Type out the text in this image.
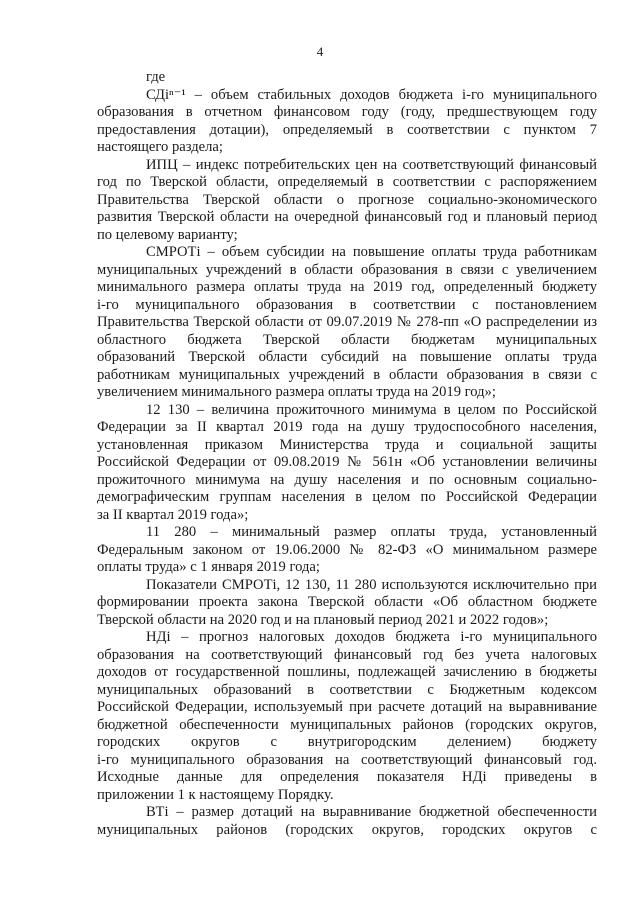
4
где
СДiⁿ⁻¹ – объем стабильных доходов бюджета i-го муниципального
образования в отчетном финансовом году (году, предшествующем году
предоставления дотации), определяемый в соответствии с пунктом 7
настоящего раздела;
ИПЦ – индекс потребительских цен на соответствующий финансовый
год по Тверской области, определяемый в соответствии с распоряжением
Правительства Тверской области о прогнозе социально-экономического
развития Тверской области на очередной финансовый год и плановый период
по целевому варианту;
СМРОТi – объем субсидии на повышение оплаты труда работникам
муниципальных учреждений в области образования в связи с увеличением
минимального размера оплаты труда на 2019 год, определенный бюджету
i-го муниципального образования в соответствии с постановлением
Правительства Тверской области от 09.07.2019 № 278-пп «О распределении из
областного бюджета Тверской области бюджетам муниципальных
образований Тверской области субсидий на повышение оплаты труда
работникам муниципальных учреждений в области образования в связи с
увеличением минимального размера оплаты труда на 2019 год»;
12 130 – величина прожиточного минимума в целом по Российской
Федерации за II квартал 2019 года на душу трудоспособного населения,
установленная приказом Министерства труда и социальной защиты
Российской Федерации от 09.08.2019 № 561н «Об установлении величины
прожиточного минимума на душу населения и по основным социально-
демографическим группам населения в целом по Российской Федерации
за II квартал 2019 года»;
11 280 – минимальный размер оплаты труда, установленный
Федеральным законом от 19.06.2000 № 82-ФЗ «О минимальном размере
оплаты труда» с 1 января 2019 года;
Показатели СМРОТi, 12 130, 11 280 используются исключительно при
формировании проекта закона Тверской области «Об областном бюджете
Тверской области на 2020 год и на плановый период 2021 и 2022 годов»;
НДi – прогноз налоговых доходов бюджета i-го муниципального
образования на соответствующий финансовый год без учета налоговых
доходов от государственной пошлины, подлежащей зачислению в бюджеты
муниципальных образований в соответствии с Бюджетным кодексом
Российской Федерации, используемый при расчете дотаций на выравнивание
бюджетной обеспеченности муниципальных районов (городских округов,
городских округов с внутригородским делением) бюджету
i-го муниципального образования на соответствующий финансовый год.
Исходные данные для определения показателя НДi приведены в
приложении 1 к настоящему Порядку.
ВТi – размер дотаций на выравнивание бюджетной обеспеченности
муниципальных районов (городских округов, городских округов с
